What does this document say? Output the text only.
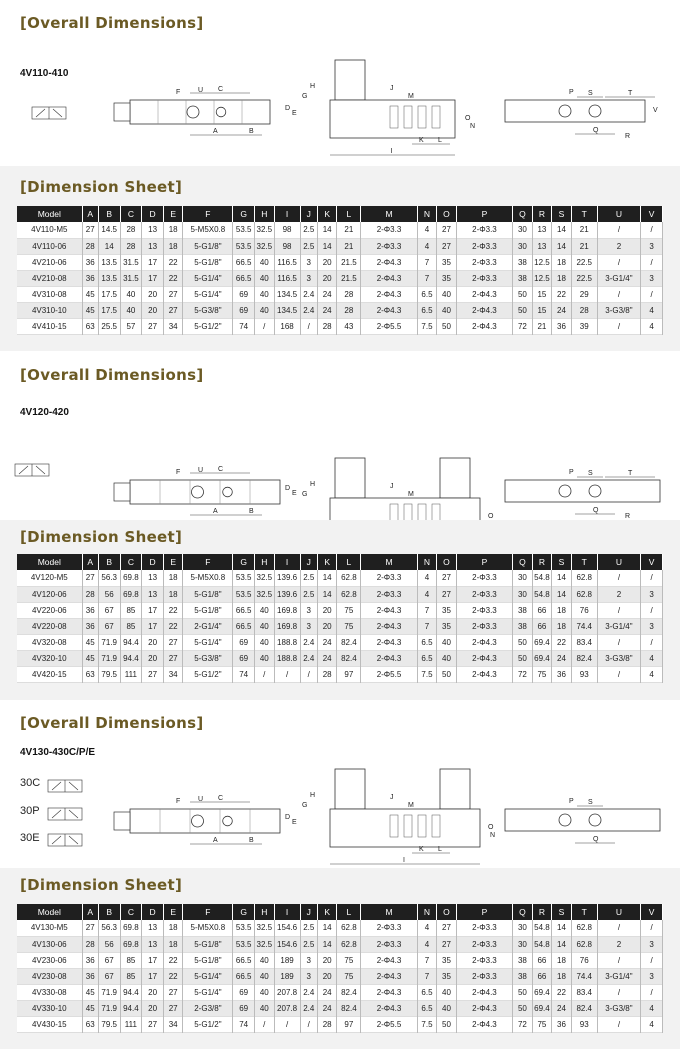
[Overall Dimensions]
4V110-410
C
A	B
F	U
D
E
G
H	J
M
N
O
I
K L
P S	T
Q
R
V
[Dimension Sheet]
Model	A	B	C	D	E	F	G	H	I	J	K	L	M	N	O	P	Q	R	S	T	U	V
4V110-M5	27	14.5	28	13	18	5-M5X0.8	53.5	32.5	98	2.5	14	21	2-Φ3.3	4	27	2-Φ3.3	30	13	14	21	/	/
4V110-06	28	14	28	13	18	5-G1/8"	53.5	32.5	98	2.5	14	21	2-Φ3.3	4	27	2-Φ3.3	30	13	14	21	2	3
4V210-06	36	13.5	31.5	17	22	5-G1/8"	66.5	40	116.5	3	20	21.5	2-Φ4.3	7	35	2-Φ3.3	38	12.5	18	22.5	/	/
4V210-08	36	13.5	31.5	17	22	5-G1/4"	66.5	40	116.5	3	20	21.5	2-Φ4.3	7	35	2-Φ3.3	38	12.5	18	22.5	3-G1/4"	3
4V310-08	45	17.5	40	20	27	5-G1/4"	69	40	134.5	2.4	24	28	2-Φ4.3	6.5	40	2-Φ4.3	50	15	22	29	/	/
4V310-10	45	17.5	40	20	27	5-G3/8"	69	40	134.5	2.4	24	28	2-Φ4.3	6.5	40	2-Φ4.3	50	15	24	28	3-G3/8"	4
4V410-15	63	25.5	57	27	34	5-G1/2"	74	/	168	/	28	43	2-Φ5.5	7.5	50	2-Φ4.3	72	21	36	39	/	4
[Overall Dimensions]
4V120-420
C
A	B
F	U
D
E G
H	J
M
O
P S	T
Q
R
[Dimension Sheet]
Model	A	B	C	D	E	F	G	H	I	J	K	L	M	N	O	P	Q	R	S	T	U	V
4V120-M5	27	56.3	69.8	13	18	5-M5X0.8	53.5	32.5	139.6	2.5	14	62.8	2-Φ3.3	4	27	2-Φ3.3	30	54.8	14	62.8	/	/
4V120-06	28	56	69.8	13	18	5-G1/8"	53.5	32.5	139.6	2.5	14	62.8	2-Φ3.3	4	27	2-Φ3.3	30	54.8	14	62.8	2	3
4V220-06	36	67	85	17	22	5-G1/8"	66.5	40	169.8	3	20	75	2-Φ4.3	7	35	2-Φ3.3	38	66	18	76	/	/
4V220-08	36	67	85	17	22	2-G1/4"	66.5	40	169.8	3	20	75	2-Φ4.3	7	35	2-Φ3.3	38	66	18	74.4	3-G1/4"	3
4V320-08	45	71.9	94.4	20	27	5-G1/4"	69	40	188.8	2.4	24	82.4	2-Φ4.3	6.5	40	2-Φ4.3	50	69.4	22	83.4	/	/
4V320-10	45	71.9	94.4	20	27	5-G3/8"	69	40	188.8	2.4	24	82.4	2-Φ4.3	6.5	40	2-Φ4.3	50	69.4	24	82.4	3-G3/8"	4
4V420-15	63	79.5	111	27	34	5-G1/2"	74	/	/	/	28	97	2-Φ5.5	7.5	50	2-Φ4.3	72	75	36	93	/	4
[Overall Dimensions]
4V130-430C/P/E
30C
30P
30E
C
A	B
F	U
D
E
G
H	J
M
N
O
I
K L
P S
Q
[Dimension Sheet]
Model	A	B	C	D	E	F	G	H	I	J	K	L	M	N	O	P	Q	R	S	T	U	V
4V130-M5	27	56.3	69.8	13	18	5-M5X0.8	53.5	32.5	154.6	2.5	14	62.8	2-Φ3.3	4	27	2-Φ3.3	30	54.8	14	62.8	/	/
4V130-06	28	56	69.8	13	18	5-G1/8"	53.5	32.5	154.6	2.5	14	62.8	2-Φ3.3	4	27	2-Φ3.3	30	54.8	14	62.8	2	3
4V230-06	36	67	85	17	22	5-G1/8"	66.5	40	189	3	20	75	2-Φ4.3	7	35	2-Φ3.3	38	66	18	76	/	/
4V230-08	36	67	85	17	22	5-G1/4"	66.5	40	189	3	20	75	2-Φ4.3	7	35	2-Φ3.3	38	66	18	74.4	3-G1/4"	3
4V330-08	45	71.9	94.4	20	27	5-G1/4"	69	40	207.8	2.4	24	82.4	2-Φ4.3	6.5	40	2-Φ4.3	50	69.4	22	83.4	/	/
4V330-10	45	71.9	94.4	20	27	2-G3/8"	69	40	207.8	2.4	24	82.4	2-Φ4.3	6.5	40	2-Φ4.3	50	69.4	24	82.4	3-G3/8"	4
4V430-15	63	79.5	111	27	34	5-G1/2"	74	/	/	/	28	97	2-Φ5.5	7.5	50	2-Φ4.3	72	75	36	93	/	4
